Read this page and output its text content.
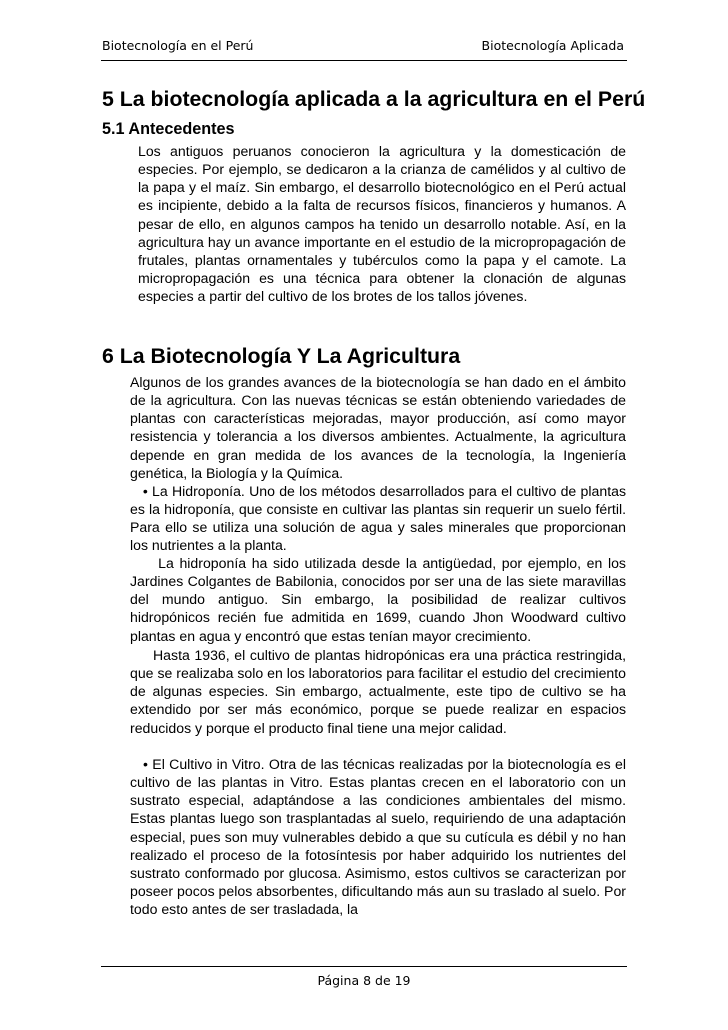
Biotecnología en el Perú	Biotecnología Aplicada
5 La biotecnología aplicada a la agricultura en el Perú
5.1 Antecedentes
Los antiguos peruanos conocieron la agricultura y la domesticación de especies. Por ejemplo, se dedicaron a la crianza de camélidos y al cultivo de la papa y el maíz. Sin embargo, el desarrollo biotecnológico en el Perú actual es incipiente, debido a la falta de recursos físicos, financieros y humanos. A pesar de ello, en algunos campos ha tenido un desarrollo notable. Así, en la agricultura hay un avance importante en el estudio de la micropropagación de frutales, plantas ornamentales y tubérculos como la papa y el camote. La micropropagación es una técnica para obtener la clonación de algunas especies a partir del cultivo de los brotes de los tallos jóvenes.
6 La Biotecnología Y La Agricultura
Algunos de los grandes avances de la biotecnología se han dado en el ámbito de la agricultura. Con las nuevas técnicas se están obteniendo variedades de plantas con características mejoradas, mayor producción, así como mayor resistencia y tolerancia a los diversos ambientes. Actualmente, la agricultura depende en gran medida de los avances de la tecnología, la Ingeniería genética, la Biología y la Química.
• La Hidroponía. Uno de los métodos desarrollados para el cultivo de plantas es la hidroponía, que consiste en cultivar las plantas sin requerir un suelo fértil. Para ello se utiliza una solución de agua y sales minerales que proporcionan los nutrientes a la planta.
La hidroponía ha sido utilizada desde la antigüedad, por ejemplo, en los Jardines Colgantes de Babilonia, conocidos por ser una de las siete maravillas del mundo antiguo. Sin embargo, la posibilidad de realizar cultivos hidropónicos recién fue admitida en 1699, cuando Jhon Woodward cultivo plantas en agua y encontró que estas tenían mayor crecimiento.
Hasta 1936, el cultivo de plantas hidropónicas era una práctica restringida, que se realizaba solo en los laboratorios para facilitar el estudio del crecimiento de algunas especies. Sin embargo, actualmente, este tipo de cultivo se ha extendido por ser más económico, porque se puede realizar en espacios reducidos y porque el producto final tiene una mejor calidad.
• El Cultivo in Vitro. Otra de las técnicas realizadas por la biotecnología es el cultivo de las plantas in Vitro. Estas plantas crecen en el laboratorio con un sustrato especial, adaptándose a las condiciones ambientales del mismo. Estas plantas luego son trasplantadas al suelo, requiriendo de una adaptación especial, pues son muy vulnerables debido a que su cutícula es débil y no han realizado el proceso de la fotosíntesis por haber adquirido los nutrientes del sustrato conformado por glucosa. Asimismo, estos cultivos se caracterizan por poseer pocos pelos absorbentes, dificultando más aun su traslado al suelo. Por todo esto antes de ser trasladada, la
Página 8 de 19
